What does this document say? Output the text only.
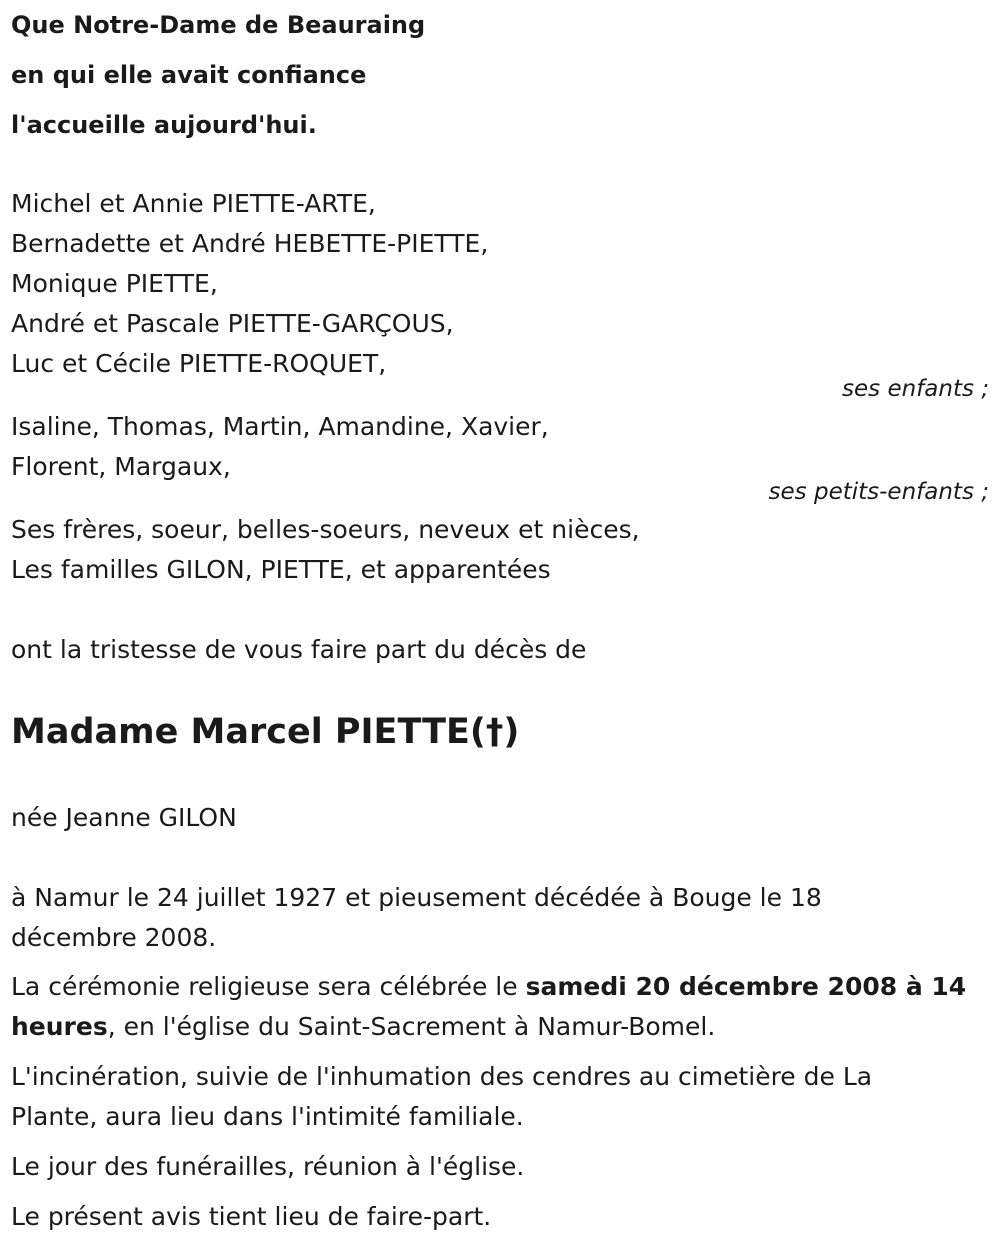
Que Notre-Dame de Beauraing
en qui elle avait confiance
l'accueille aujourd'hui.
Michel et Annie PIETTE-ARTE,
Bernadette et André HEBETTE-PIETTE,
Monique PIETTE,
André et Pascale PIETTE-GARÇOUS,
Luc et Cécile PIETTE-ROQUET,
ses enfants ;
Isaline, Thomas, Martin, Amandine, Xavier,
Florent, Margaux,
ses petits-enfants ;
Ses frères, soeur, belles-soeurs, neveux et nièces,
Les familles GILON, PIETTE, et apparentées
ont la tristesse de vous faire part du décès de
Madame Marcel PIETTE(†)
née Jeanne GILON

à Namur le 24 juillet 1927 et pieusement décédée à Bouge le 18 décembre 2008.

La cérémonie religieuse sera célébrée le samedi 20 décembre 2008 à 14 heures, en l'église du Saint-Sacrement à Namur-Bomel.

L'incinération, suivie de l'inhumation des cendres au cimetière de La Plante, aura lieu dans l'intimité familiale.

Le jour des funérailles, réunion à l'église.

Le présent avis tient lieu de faire-part.
